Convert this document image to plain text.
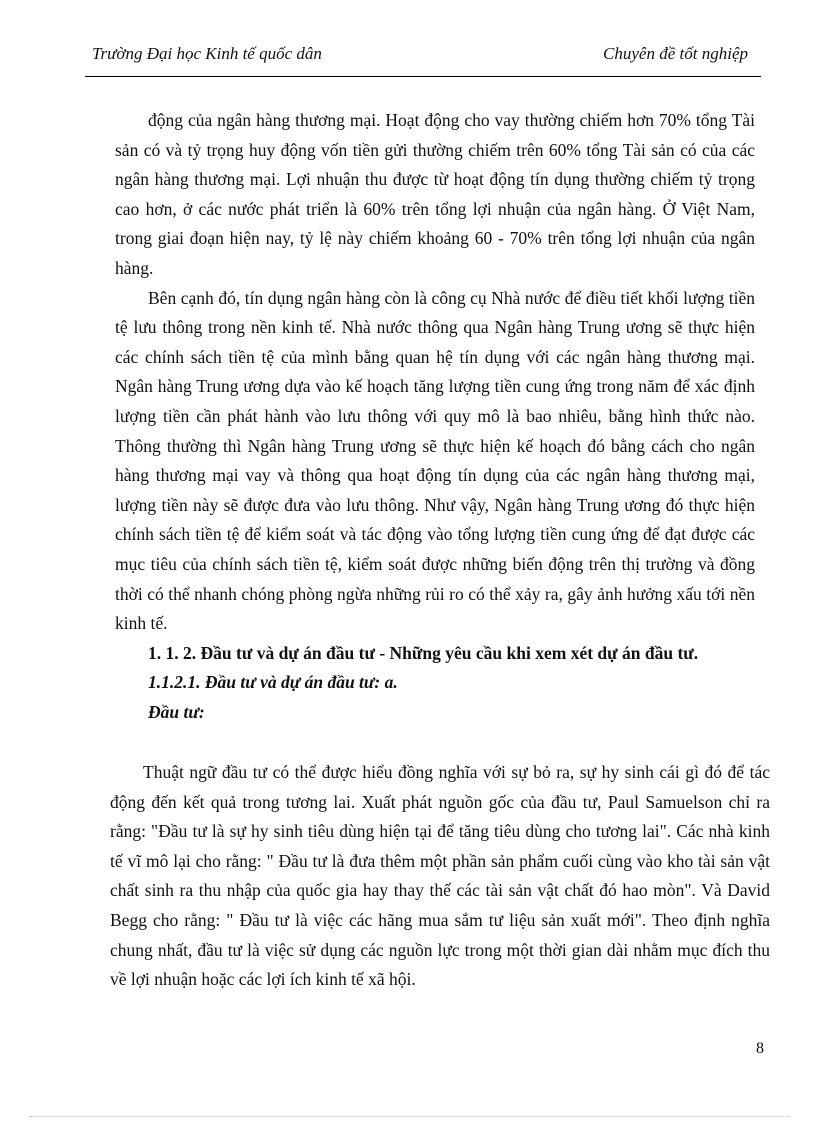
Trường Đại học Kinh tế quốc dân	Chuyên đề tốt nghiệp

động của ngân hàng thương mại. Hoạt động cho vay thường chiếm hơn 70% tổng Tài sản có và tỷ trọng huy động vốn tiền gửi thường chiếm trên 60% tổng Tài sản có của các ngân hàng thương mại. Lợi nhuận thu được từ hoạt động tín dụng thường chiếm tỷ trọng cao hơn, ở các nước phát triển là 60% trên tổng lợi nhuận của ngân hàng. Ở Việt Nam, trong giai đoạn hiện nay, tỷ lệ này chiếm khoảng 60 - 70% trên tổng lợi nhuận của ngân hàng.

Bên cạnh đó, tín dụng ngân hàng còn là công cụ Nhà nước để điều tiết khối lượng tiền tệ lưu thông trong nền kinh tế. Nhà nước thông qua Ngân hàng Trung ương sẽ thực hiện các chính sách tiền tệ của mình bằng quan hệ tín dụng với các ngân hàng thương mại. Ngân hàng Trung ương dựa vào kế hoạch tăng lượng tiền cung ứng trong năm để xác định lượng tiền cần phát hành vào lưu thông với quy mô là bao nhiêu, bằng hình thức nào. Thông thường thì Ngân hàng Trung ương sẽ thực hiện kế hoạch đó bằng cách cho ngân hàng thương mại vay và thông qua hoạt động tín dụng của các ngân hàng thương mại, lượng tiền này sẽ được đưa vào lưu thông. Như vậy, Ngân hàng Trung ương đó thực hiện chính sách tiền tệ để kiểm soát và tác động vào tổng lượng tiền cung ứng để đạt được các mục tiêu của chính sách tiền tệ, kiểm soát được những biến động trên thị trường và đồng thời có thể nhanh chóng phòng ngừa những rủi ro có thể xảy ra, gây ảnh hưởng xấu tới nền kinh tế.

1. 1. 2. Đầu tư và dự án đầu tư - Những yêu cầu khi xem xét dự án đầu tư.

1.1.2.1. Đầu tư và dự án đầu tư: a.

Đầu tư:

Thuật ngữ đầu tư có thể được hiểu đồng nghĩa với sự bỏ ra, sự hy sinh cái gì đó để tác động đến kết quả trong tương lai. Xuất phát nguồn gốc của đầu tư, Paul Samuelson chỉ ra rằng: "Đầu tư là sự hy sinh tiêu dùng hiện tại để tăng tiêu dùng cho tương lai". Các nhà kinh tế vĩ mô lại cho rằng: " Đầu tư là đưa thêm một phần sản phẩm cuối cùng vào kho tài sản vật chất sinh ra thu nhập của quốc gia hay thay thế các tài sản vật chất đó hao mòn". Và David Begg cho rằng: " Đầu tư là việc các hãng mua sắm tư liệu sản xuất mới". Theo định nghĩa chung nhất, đầu tư là việc sử dụng các nguồn lực trong một thời gian dài nhằm mục đích thu về lợi nhuận hoặc các lợi ích kinh tế xã hội.

8
